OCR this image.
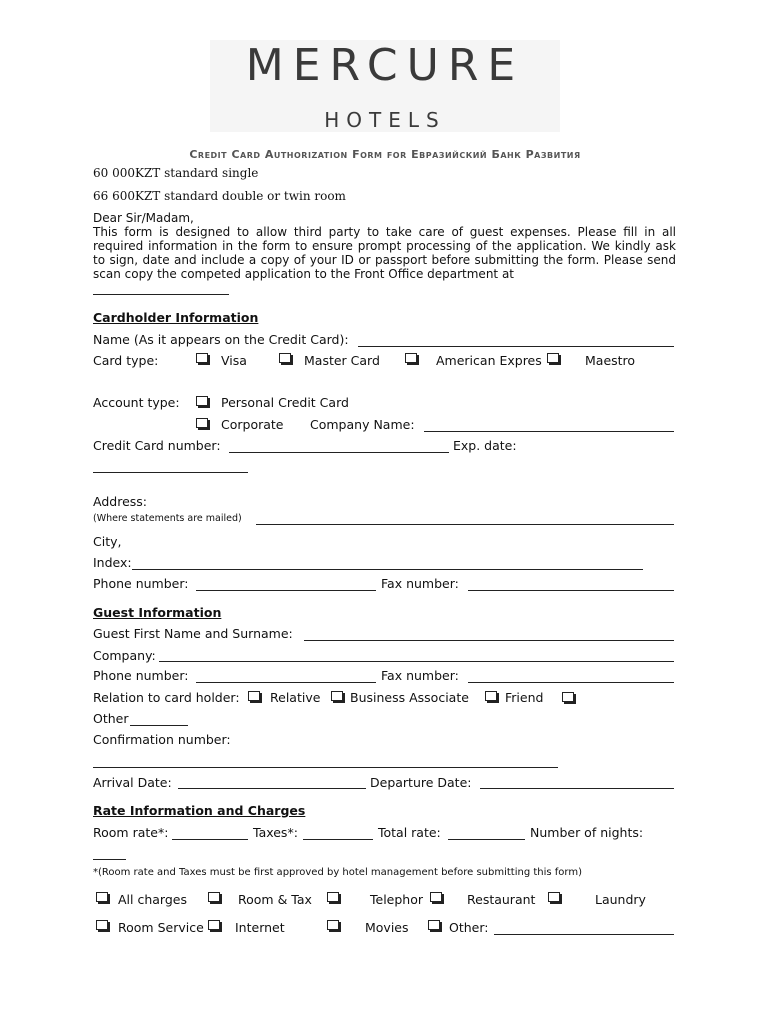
MERCURE
HOTELS
Credit Card Authorization Form for Евразийский Банк Развития
60 000KZT standard single
66 600KZT standard double or twin room
Dear Sir/Madam,
This form is designed to allow third party to take care of guest expenses. Please fill in all required information in the form to ensure prompt processing of the application. We kindly ask to sign, date and include a copy of your ID or passport before submitting the form. Please send scan copy the competed application to the Front Office department at
Cardholder Information
Name (As it appears on the Credit Card):
Card type:	Visa	Master Card	American Expres	Maestro
Account type:	Personal Credit Card
Corporate Company Name:
Credit Card number:	Exp. date:
Address:
(Where statements are mailed)
City,
Index:
Phone number:	Fax number:
Guest Information
Guest First Name and Surname:
Company:
Phone number:	Fax number:
Relation to card holder: Relative Business Associate	Friend
Other
Confirmation number:
Arrival Date:	Departure Date:
Rate Information and Charges
Room rate*:	Taxes*:	Total rate:	Number of nights:
*(Room rate and Taxes must be first approved by hotel management before submitting this form)
All charges	Room & Tax	Telephor	Restaurant	Laundry
Room Service Internet	Movies	Other:
